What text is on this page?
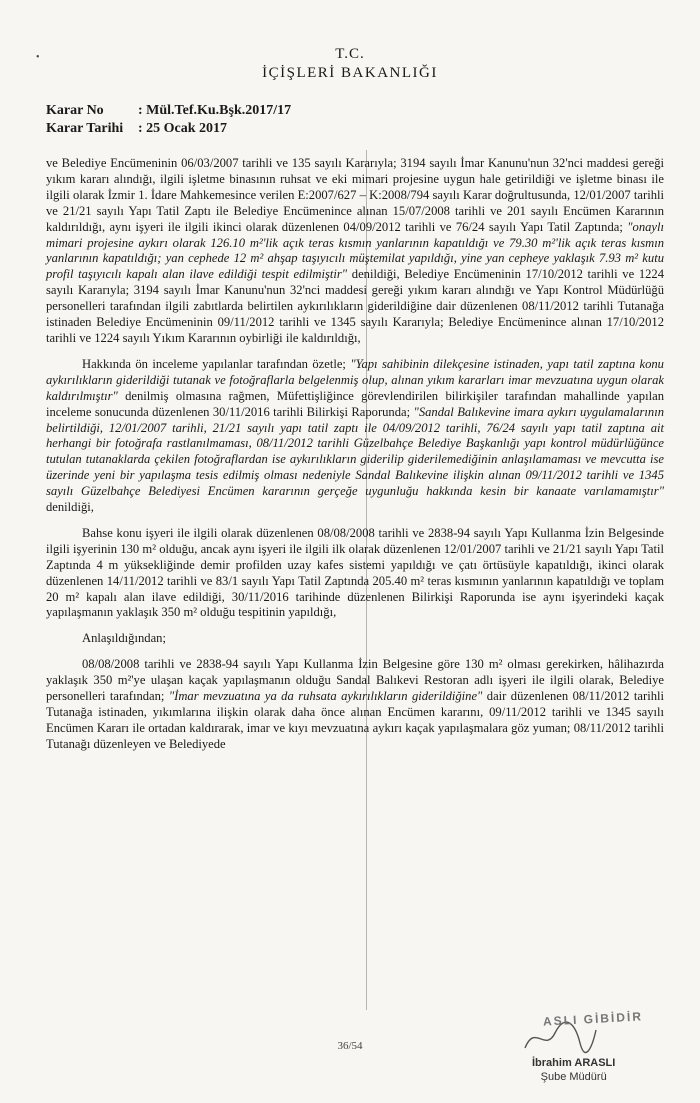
•	T.C.
İÇİŞLERİ BAKANLIĞI
Karar No	: Mül.Tef.Ku.Bşk.2017/17
Karar Tarihi	: 25 Ocak 2017

ve Belediye Encümeninin 06/03/2007 tarihli ve 135 sayılı Kararıyla; 3194 sayılı İmar Kanunu'nun 32'nci maddesi gereği yıkım kararı alındığı, ilgili işletme binasının ruhsat ve eki mimari projesine uygun hale getirildiği ve işletme binası ile ilgili olarak İzmir 1. İdare Mahkemesince verilen E:2007/627 – K:2008/794 sayılı Karar doğrultusunda, 12/01/2007 tarihli ve 21/21 sayılı Yapı Tatil Zaptı ile Belediye Encümenince alınan 15/07/2008 tarihli ve 201 sayılı Encümen Kararının kaldırıldığı, aynı işyeri ile ilgili ikinci olarak düzenlenen 04/09/2012 tarihli ve 76/24 sayılı Yapı Tatil Zaptında; "onaylı mimari projesine aykırı olarak 126.10 m²'lik açık teras kısmın yanlarının kapatıldığı ve 79.30 m²'lik açık teras kısmın yanlarının kapatıldığı; yan cephede 12 m² ahşap taşıyıcılı müştemilat yapıldığı, yine yan cepheye yaklaşık 7.93 m² kutu profil taşıyıcılı kapalı alan ilave edildiği tespit edilmiştir" denildiği, Belediye Encümeninin 17/10/2012 tarihli ve 1224 sayılı Kararıyla; 3194 sayılı İmar Kanunu'nun 32'nci maddesi gereği yıkım kararı alındığı ve Yapı Kontrol Müdürlüğü personelleri tarafından ilgili zabıtlarda belirtilen aykırılıkların giderildiğine dair düzenlenen 08/11/2012 tarihli Tutanağa istinaden Belediye Encümeninin 09/11/2012 tarihli ve 1345 sayılı Kararıyla; Belediye Encümenince alınan 17/10/2012 tarihli ve 1224 sayılı Yıkım Kararının oybirliği ile kaldırıldığı,

Hakkında ön inceleme yapılanlar tarafından özetle; "Yapı sahibinin dilekçesine istinaden, yapı tatil zaptına konu aykırılıkların giderildiği tutanak ve fotoğraflarla belgelenmiş olup, alınan yıkım kararları imar mevzuatına uygun olarak kaldırılmıştır" denilmiş olmasına rağmen, Müfettişliğince görevlendirilen bilirkişiler tarafından mahallinde yapılan inceleme sonucunda düzenlenen 30/11/2016 tarihli Bilirkişi Raporunda; "Sandal Balıkevine imara aykırı uygulamalarının belirtildiği, 12/01/2007 tarihli, 21/21 sayılı yapı tatil zaptı ile 04/09/2012 tarihli, 76/24 sayılı yapı tatil zaptına ait herhangi bir fotoğrafa rastlanılmaması, 08/11/2012 tarihli Güzelbahçe Belediye Başkanlığı yapı kontrol müdürlüğünce tutulan tutanaklarda çekilen fotoğraflardan ise aykırılıkların giderilip giderilemediğinin anlaşılamaması ve mevcutta ise üzerinde yeni bir yapılaşma tesis edilmiş olması nedeniyle Sandal Balıkevine ilişkin alınan 09/11/2012 tarihli ve 1345 sayılı Güzelbahçe Belediyesi Encümen kararının gerçeğe uygunluğu hakkında kesin bir kanaate varılamamıştır" denildiği,

Bahse konu işyeri ile ilgili olarak düzenlenen 08/08/2008 tarihli ve 2838-94 sayılı Yapı Kullanma İzin Belgesinde ilgili işyerinin 130 m² olduğu, ancak aynı işyeri ile ilgili ilk olarak düzenlenen 12/01/2007 tarihli ve 21/21 sayılı Yapı Tatil Zaptında 4 m yüksekliğinde demir profilden uzay kafes sistemi yapıldığı ve çatı örtüsüyle kapatıldığı, ikinci olarak düzenlenen 14/11/2012 tarihli ve 83/1 sayılı Yapı Tatil Zaptında 205.40 m² teras kısmının yanlarının kapatıldığı ve toplam 20 m² kapalı alan ilave edildiği, 30/11/2016 tarihinde düzenlenen Bilirkişi Raporunda ise aynı işyerindeki kaçak yapılaşmanın yaklaşık 350 m² olduğu tespitinin yapıldığı,

Anlaşıldığından;

08/08/2008 tarihli ve 2838-94 sayılı Yapı Kullanma İzin Belgesine göre 130 m² olması gerekirken, hâlihazırda yaklaşık 350 m²'ye ulaşan kaçak yapılaşmanın olduğu Sandal Balıkevi Restoran adlı işyeri ile ilgili olarak, Belediye personelleri tarafından; "İmar mevzuatına ya da ruhsata aykırılıkların giderildiğine" dair düzenlenen 08/11/2012 tarihli Tutanağa istinaden, yıkımlarına ilişkin olarak daha önce alınan Encümen kararını, 09/11/2012 tarihli ve 1345 sayılı Encümen Kararı ile ortadan kaldırarak, imar ve kıyı mevzuatına aykırı kaçak yapılaşmalara göz yuman; 08/11/2012 tarihli Tutanağı düzenleyen ve Belediyede

ASLI GİBİDİR
36/54
İbrahim ARASLI
Şube Müdürü
